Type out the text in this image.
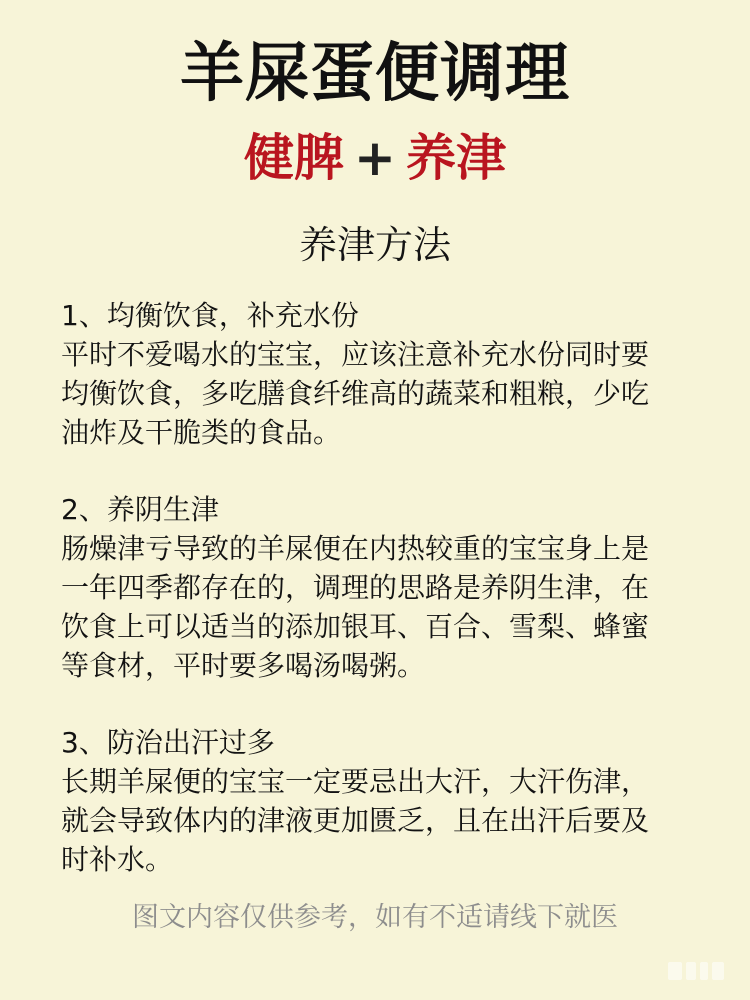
羊屎蛋便调理
健脾 + 养津
养津方法
1、均衡饮食，补充水份
平时不爱喝水的宝宝，应该注意补充水份同时要
均衡饮食，多吃膳食纤维高的蔬菜和粗粮，少吃
油炸及干脆类的食品。
2、养阴生津
肠燥津亏导致的羊屎便在内热较重的宝宝身上是
一年四季都存在的，调理的思路是养阴生津，在
饮食上可以适当的添加银耳、百合、雪梨、蜂蜜
等食材，平时要多喝汤喝粥。
3、防治出汗过多
长期羊屎便的宝宝一定要忌出大汗，大汗伤津，
就会导致体内的津液更加匮乏，且在出汗后要及
时补水。
图文内容仅供参考，如有不适请线下就医
